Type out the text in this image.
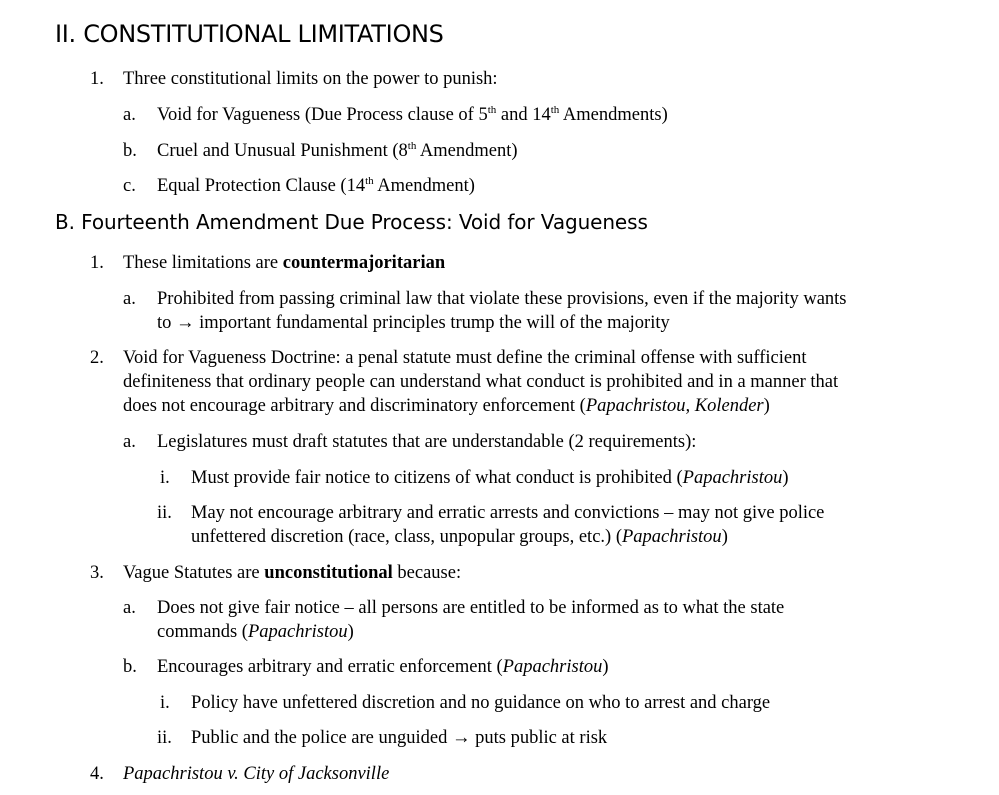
II. CONSTITUTIONAL LIMITATIONS
1. Three constitutional limits on the power to punish:
a. Void for Vagueness (Due Process clause of 5th and 14th Amendments)
b. Cruel and Unusual Punishment (8th Amendment)
c. Equal Protection Clause (14th Amendment)
B. Fourteenth Amendment Due Process: Void for Vagueness
1. These limitations are countermajoritarian
a. Prohibited from passing criminal law that violate these provisions, even if the majority wants
to → important fundamental principles trump the will of the majority
2. Void for Vagueness Doctrine: a penal statute must define the criminal offense with sufficient
definiteness that ordinary people can understand what conduct is prohibited and in a manner that
does not encourage arbitrary and discriminatory enforcement (Papachristou, Kolender)
a. Legislatures must draft statutes that are understandable (2 requirements):
i. Must provide fair notice to citizens of what conduct is prohibited (Papachristou)
ii. May not encourage arbitrary and erratic arrests and convictions – may not give police
unfettered discretion (race, class, unpopular groups, etc.) (Papachristou)
3. Vague Statutes are unconstitutional because:
a. Does not give fair notice – all persons are entitled to be informed as to what the state
commands (Papachristou)
b. Encourages arbitrary and erratic enforcement (Papachristou)
i. Policy have unfettered discretion and no guidance on who to arrest and charge
ii. Public and the police are unguided → puts public at risk
4. Papachristou v. City of Jacksonville
